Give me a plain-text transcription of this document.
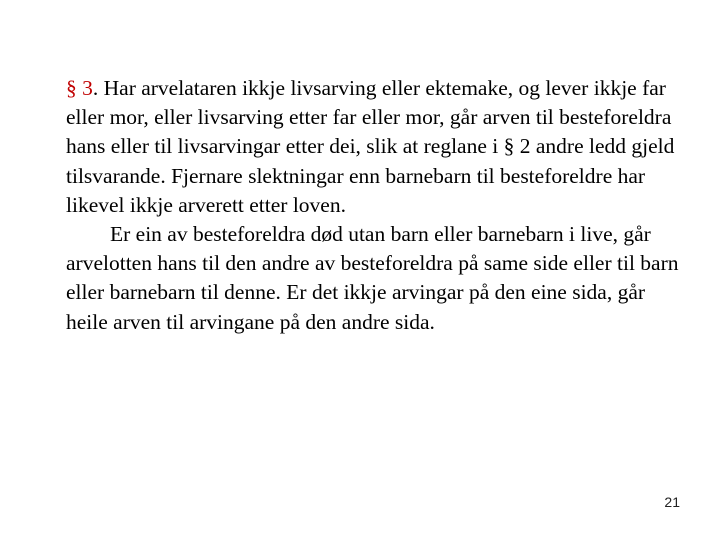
§ 3. Har arvelataren ikkje livsarving eller ektemake, og lever ikkje far eller mor, eller livsarving etter far eller mor, går arven til besteforeldra hans eller til livsarvingar etter dei, slik at reglane i § 2 andre ledd gjeld tilsvarande. Fjernare slektningar enn barnebarn til besteforeldre har likevel ikkje arverett etter loven.

Er ein av besteforeldra død utan barn eller barnebarn i live, går arvelotten hans til den andre av besteforeldra på same side eller til barn eller barnebarn til denne. Er det ikkje arvingar på den eine sida, går heile arven til arvingane på den andre sida.

21
